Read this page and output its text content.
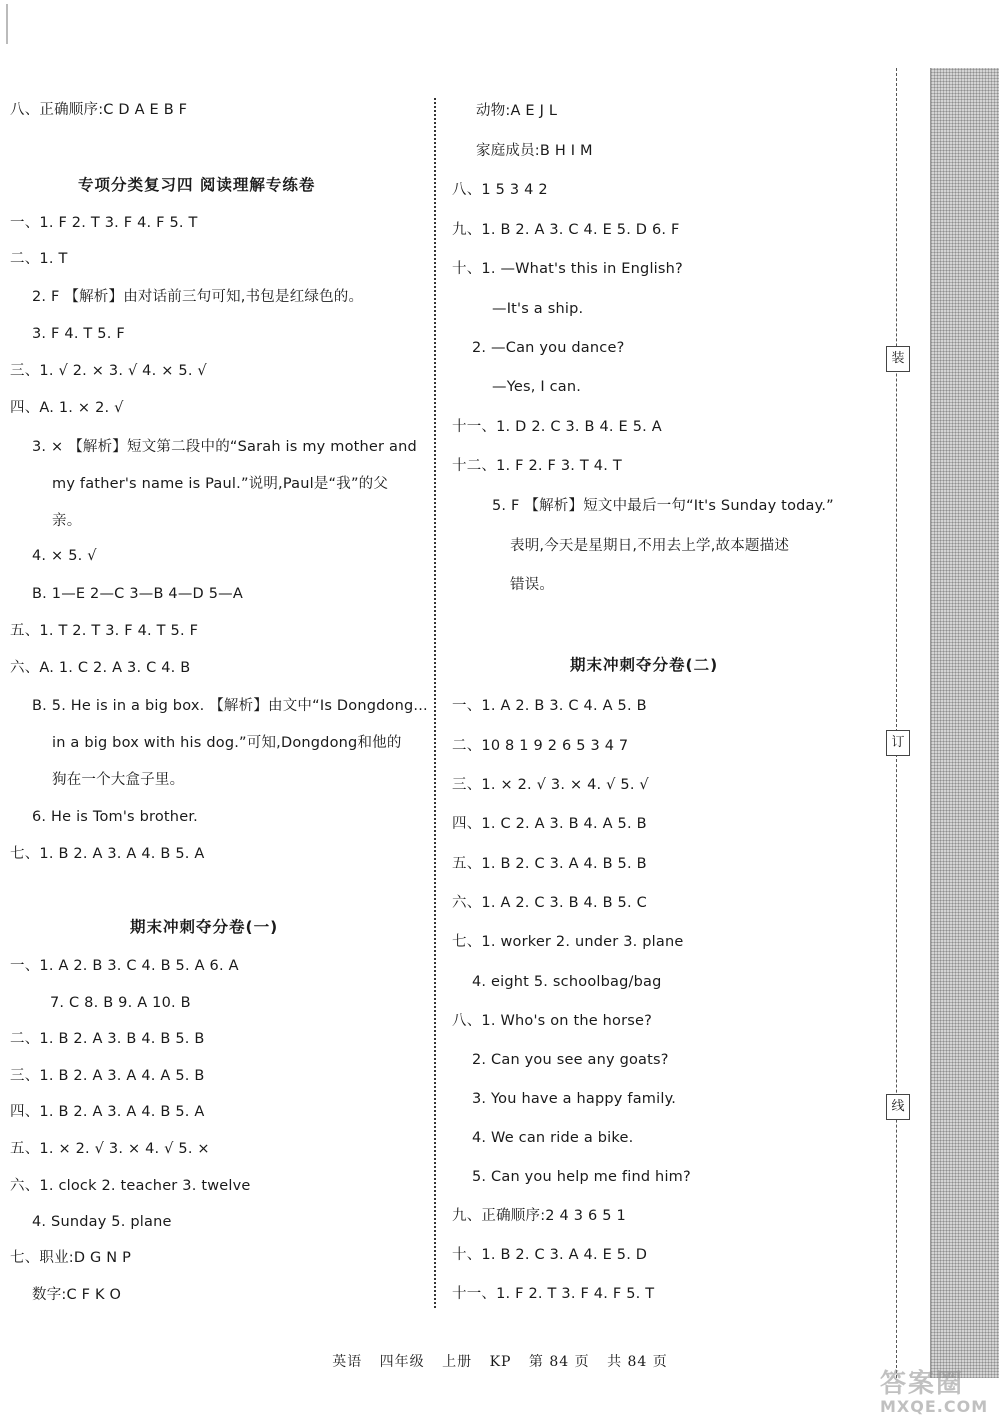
八、正确顺序:C D A E B F
专项分类复习四 阅读理解专练卷
一、1. F 2. T 3. F 4. F 5. T
二、1. T
2. F 【解析】由对话前三句可知,书包是红绿色的。
3. F 4. T 5. F
三、1. √ 2. × 3. √ 4. × 5. √
四、A. 1. × 2. √
3. × 【解析】短文第二段中的“Sarah is my mother and
my father's name is Paul.”说明,Paul是“我”的父
亲。
4. × 5. √
B. 1—E 2—C 3—B 4—D 5—A
五、1. T 2. T 3. F 4. T 5. F
六、A. 1. C 2. A 3. C 4. B
B. 5. He is in a big box. 【解析】由文中“Is Dongdong...
in a big box with his dog.”可知,Dongdong和他的
狗在一个大盒子里。
6. He is Tom's brother.
七、1. B 2. A 3. A 4. B 5. A
期末冲刺夺分卷(一)
一、1. A 2. B 3. C 4. B 5. A 6. A
7. C 8. B 9. A 10. B
二、1. B 2. A 3. B 4. B 5. B
三、1. B 2. A 3. A 4. A 5. B
四、1. B 2. A 3. A 4. B 5. A
五、1. × 2. √ 3. × 4. √ 5. ×
六、1. clock 2. teacher 3. twelve
4. Sunday 5. plane
七、职业:D G N P
数字:C F K O
动物:A E J L
家庭成员:B H I M
八、1 5 3 4 2
九、1. B 2. A 3. C 4. E 5. D 6. F
十、1. —What's this in English?
—It's a ship.
2. —Can you dance?
—Yes, I can.
十一、1. D 2. C 3. B 4. E 5. A
十二、1. F 2. F 3. T 4. T
5. F 【解析】短文中最后一句“It's Sunday today.”
表明,今天是星期日,不用去上学,故本题描述
错误。
期末冲刺夺分卷(二)
一、1. A 2. B 3. C 4. A 5. B
二、10 8 1 9 2 6 5 3 4 7
三、1. × 2. √ 3. × 4. √ 5. √
四、1. C 2. A 3. B 4. A 5. B
五、1. B 2. C 3. A 4. B 5. B
六、1. A 2. C 3. B 4. B 5. C
七、1. worker 2. under 3. plane
4. eight 5. schoolbag/bag
八、1. Who's on the horse?
2. Can you see any goats?
3. You have a happy family.
4. We can ride a bike.
5. Can you help me find him?
九、正确顺序:2 4 3 6 5 1
十、1. B 2. C 3. A 4. E 5. D
十一、1. F 2. T 3. F 4. F 5. T
装
订
线
英语 四年级 上册 KP 第 84 页 共 84 页
答案圈
MXQE.COM
